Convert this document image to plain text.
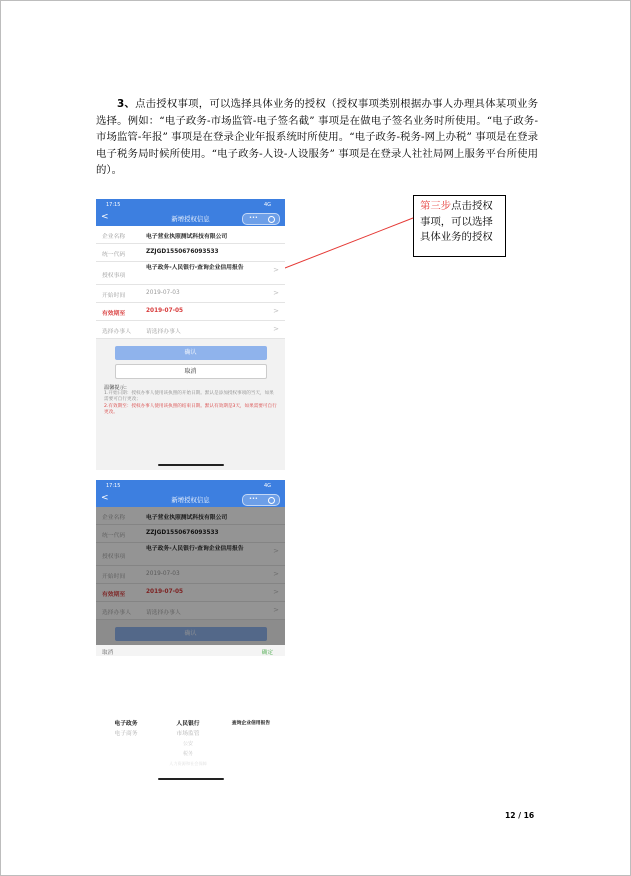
3、点击授权事项，可以选择具体业务的授权（授权事项类别根据办事人办理具体某项业务选择。例如：“电子政务-市场监管-电子签名截” 事项是在做电子签名业务时所使用。“电子政务-市场监管-年报” 事项是在登录企业年报系统时所使用。“电子政务-税务-网上办税” 事项是在登录电子税务局时候所使用。“电子政务-人设-人设服务” 事项是在登录人社社局网上服务平台所使用的）。

第三步点击授权事项，可以选择具体业务的授权
17:15	4G
<	新增授权信息	•••
企业名称	电子营业执照测试科技有限公司
统一代码	ZZJGD1550676093533
授权事项
电子政务-人民银行-查询企业信用报告	>
开始时间	2019-07-03	>
有效期至	2019-07-05	>
选择办事人	请选择办事人	>
确认
取消
温馨提示：
1.开始日期：授权办事人使用该执照的开始日期。默认是添加授权事项的当天，如果需要可自行更改；
2.有效期至：授权办事人使用该执照的结束日期。默认有效期是3天，如果需要可自行更改。
17:15	4G
<	新增授权信息	•••
企业名称	电子营业执照测试科技有限公司
统一代码	ZZJGD1550676093533
授权事项
电子政务-人民银行-查询企业信用报告	>
开始时间	2019-07-03	>
有效期至	2019-07-05	>
选择办事人	请选择办事人	>
确认
取消	确定
电子政务
电子商务
人民银行
市场监管
公安
税务
人力资源和社会保障
查询企业信用报告
12 / 16
